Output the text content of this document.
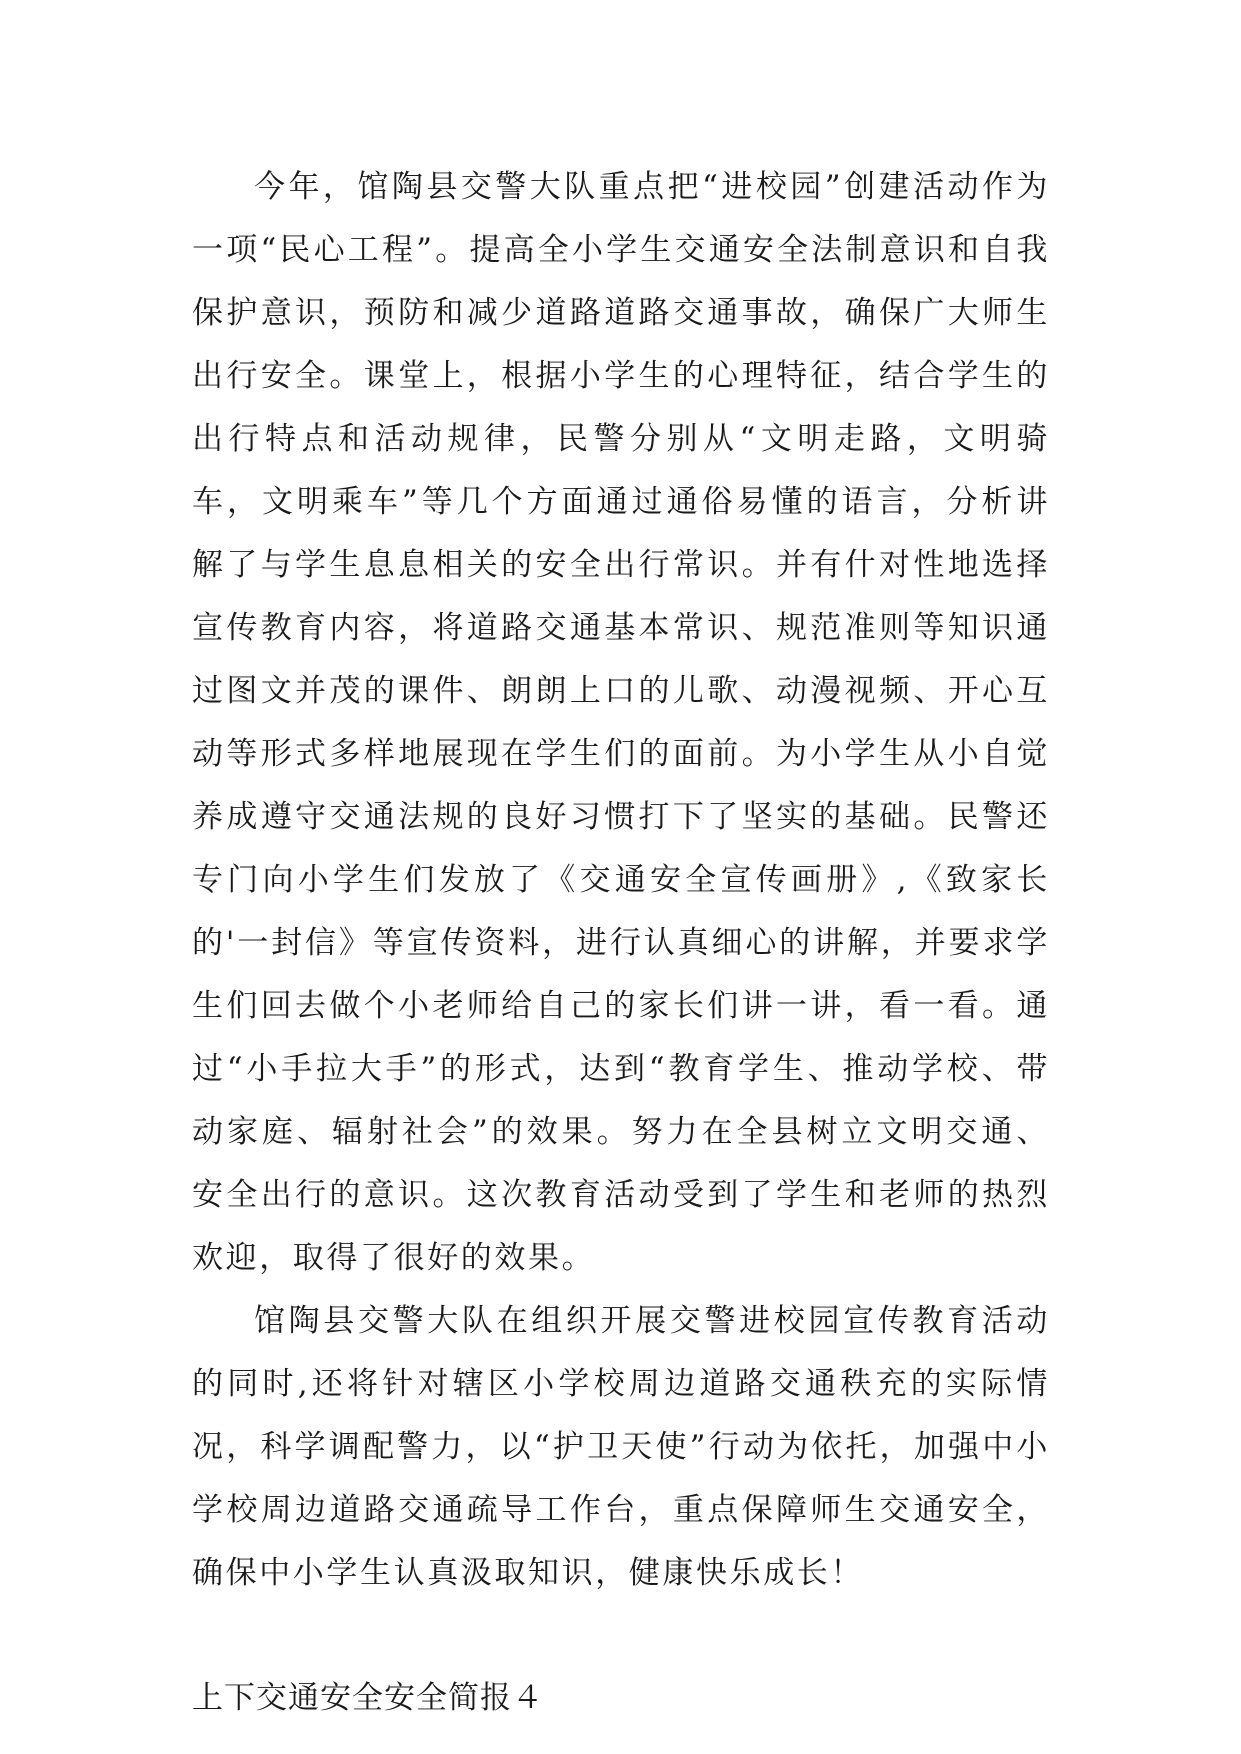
今年，馆陶县交警大队重点把“进校园”创建活动作为一项“民心工程”。提高全小学生交通安全法制意识和自我保护意识，预防和减少道路道路交通事故，确保广大师生出行安全。课堂上，根据小学生的心理特征，结合学生的出行特点和活动规律，民警分别从“文明走路，文明骑车，文明乘车”等几个方面通过通俗易懂的语言，分析讲解了与学生息息相关的安全出行常识。并有什对性地选择宣传教育内容，将道路交通基本常识、规范准则等知识通过图文并茂的课件、朗朗上口的儿歌、动漫视频、开心互动等形式多样地展现在学生们的面前。为小学生从小自觉养成遵守交通法规的良好习惯打下了坚实的基础。民警还专门向小学生们发放了《交通安全宣传画册》,《致家长的'一封信》等宣传资料，进行认真细心的讲解，并要求学生们回去做个小老师给自己的家长们讲一讲，看一看。通过“小手拉大手”的形式，达到“教育学生、推动学校、带动家庭、辐射社会”的效果。努力在全县树立文明交通、安全出行的意识。这次教育活动受到了学生和老师的热烈欢迎，取得了很好的效果。

馆陶县交警大队在组织开展交警进校园宣传教育活动的同时,还将针对辖区小学校周边道路交通秩充的实际情况，科学调配警力，以“护卫天使”行动为依托，加强中小学校周边道路交通疏导工作台，重点保障师生交通安全，确保中小学生认真汲取知识，健康快乐成长！

上下交通安全安全简报４
